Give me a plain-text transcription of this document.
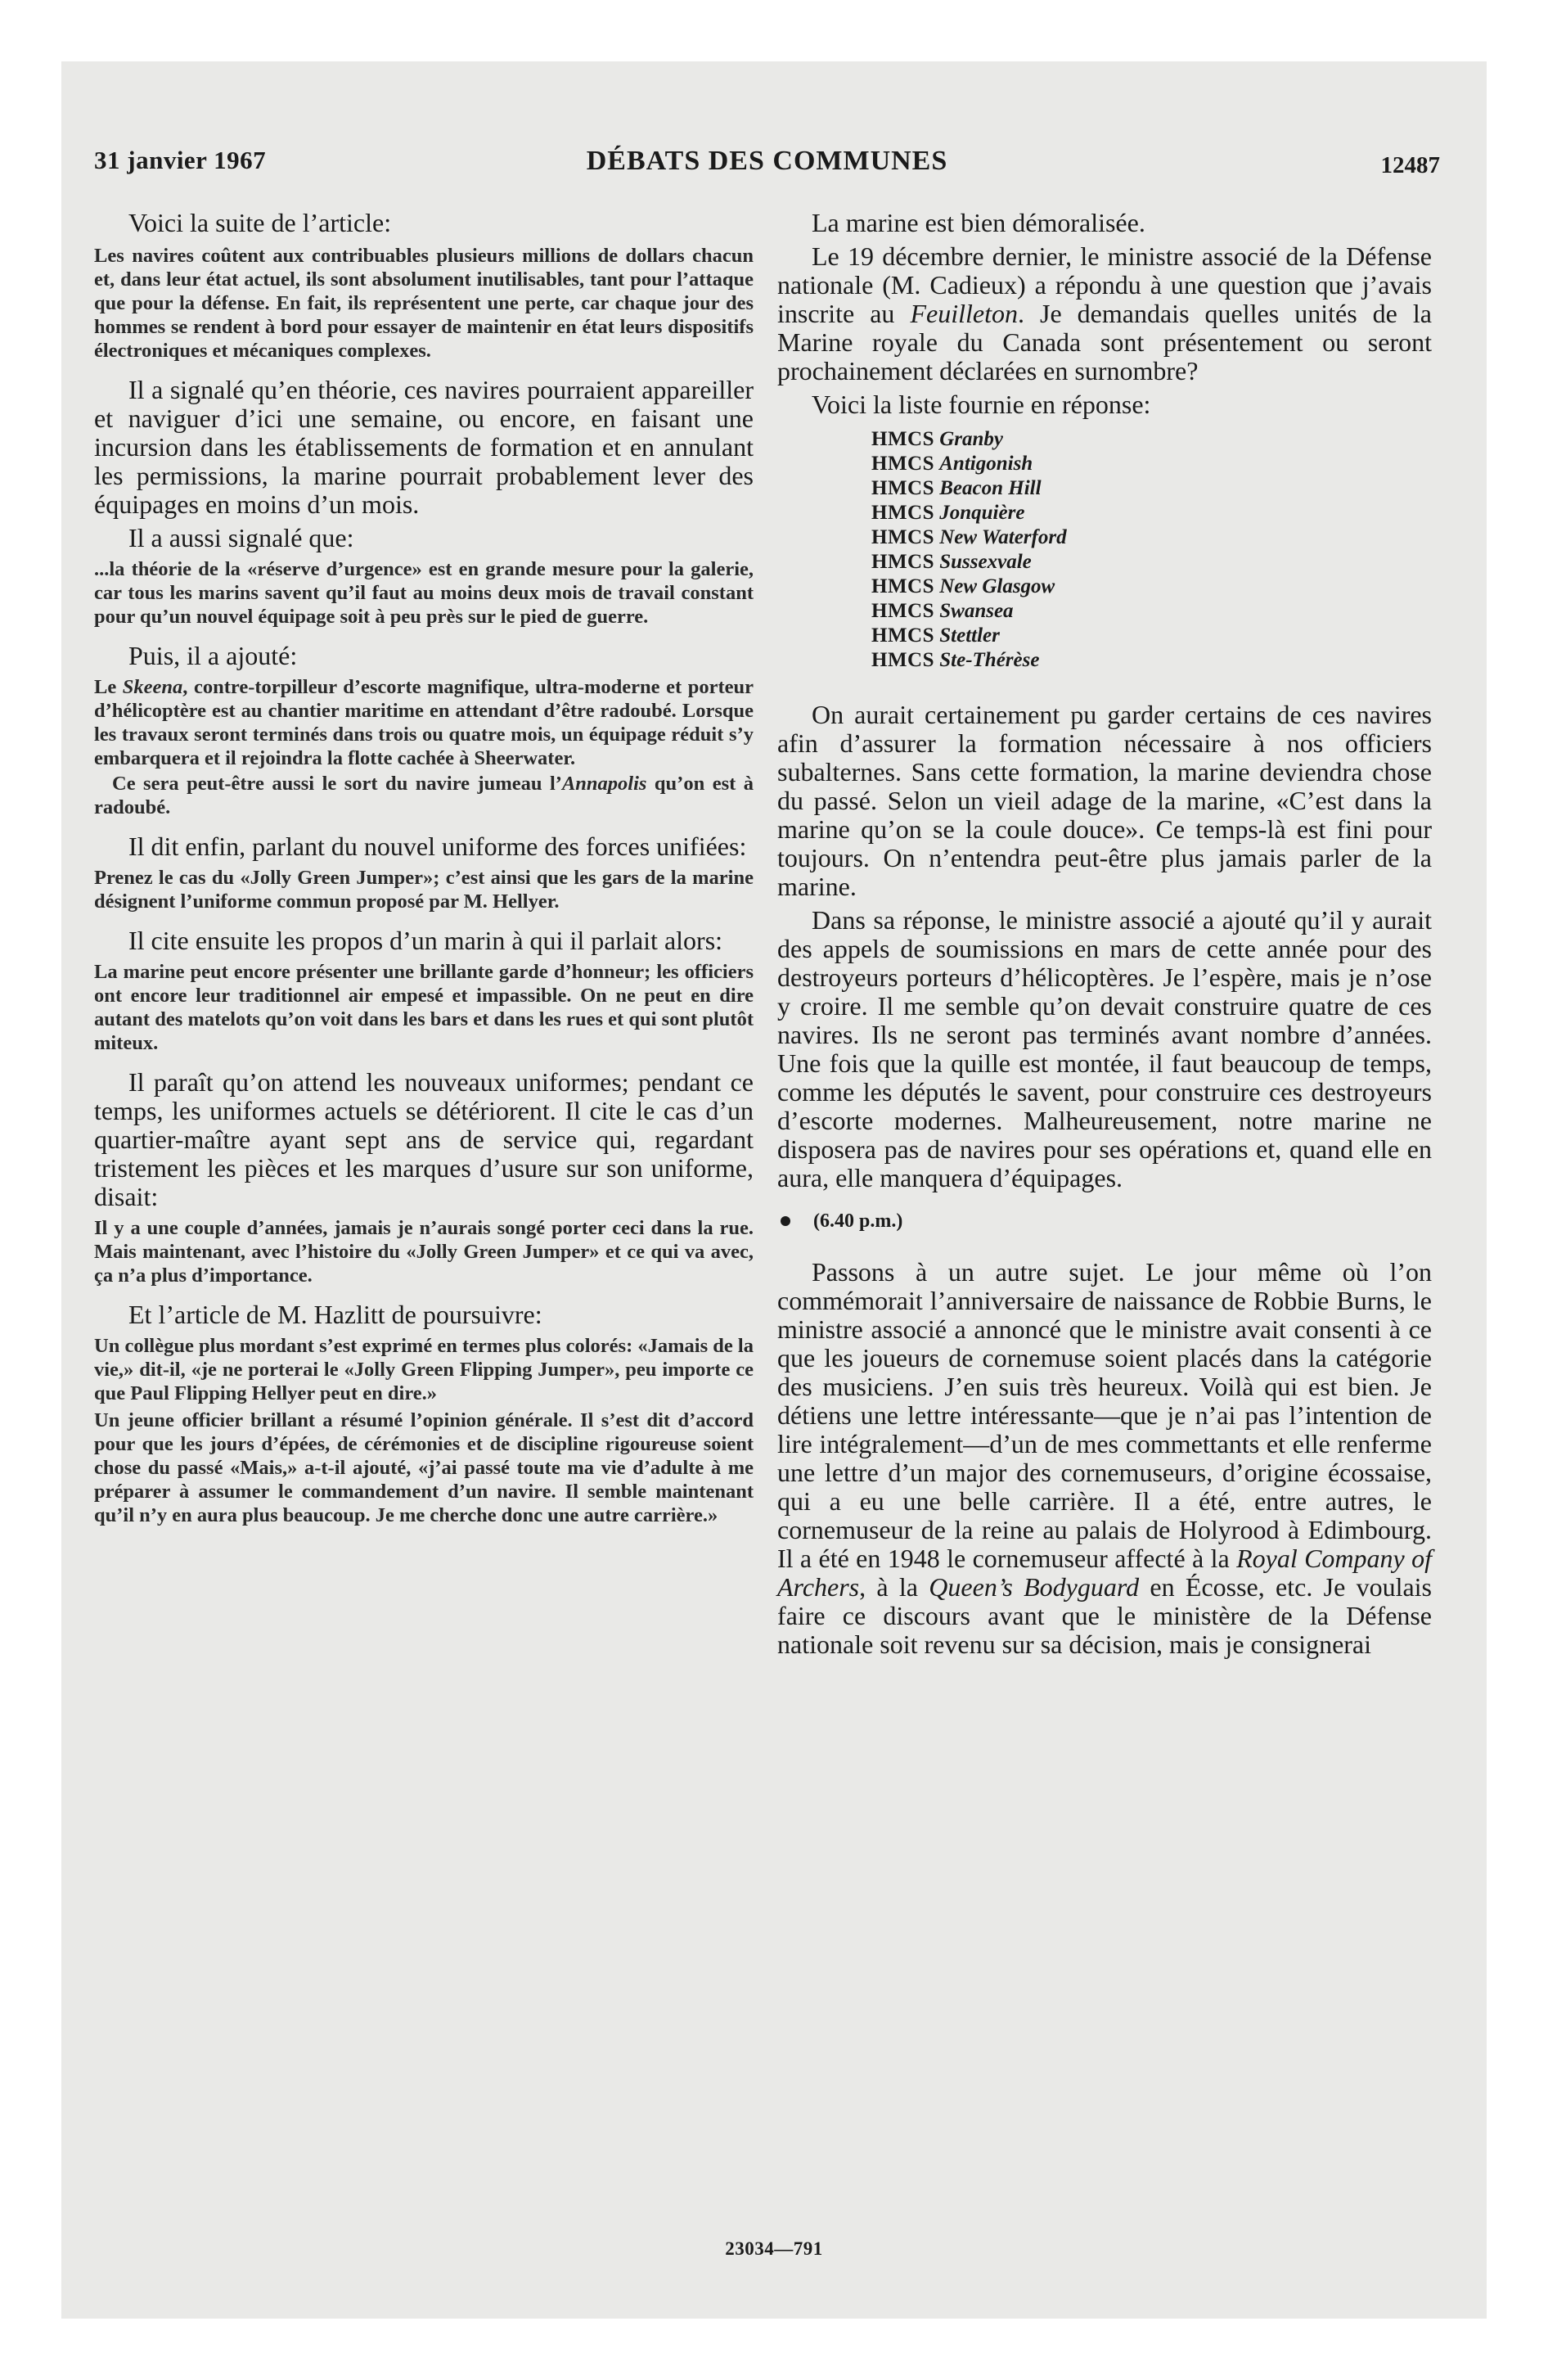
31 janvier 1967	DÉBATS DES COMMUNES	12487

Voici la suite de l’article:

Les navires coûtent aux contribuables plusieurs millions de dollars chacun et, dans leur état actuel, ils sont absolument inutilisables, tant pour l’attaque que pour la défense. En fait, ils représentent une perte, car chaque jour des hommes se rendent à bord pour essayer de maintenir en état leurs dispositifs électroniques et mécaniques complexes.

Il a signalé qu’en théorie, ces navires pourraient appareiller et naviguer d’ici une semaine, ou encore, en faisant une incursion dans les établissements de formation et en annulant les permissions, la marine pourrait probablement lever des équipages en moins d’un mois.

Il a aussi signalé que:

...la théorie de la «réserve d’urgence» est en grande mesure pour la galerie, car tous les marins savent qu’il faut au moins deux mois de travail constant pour qu’un nouvel équipage soit à peu près sur le pied de guerre.

Puis, il a ajouté:

Le Skeena, contre-torpilleur d’escorte magnifique, ultra-moderne et porteur d’hélicoptère est au chantier maritime en attendant d’être radoubé. Lorsque les travaux seront terminés dans trois ou quatre mois, un équipage réduit s’y embarquera et il rejoindra la flotte cachée à Sheerwater.

Ce sera peut-être aussi le sort du navire jumeau l’Annapolis qu’on est à radoubé.

Il dit enfin, parlant du nouvel uniforme des forces unifiées:

Prenez le cas du «Jolly Green Jumper»; c’est ainsi que les gars de la marine désignent l’uniforme commun proposé par M. Hellyer.

Il cite ensuite les propos d’un marin à qui il parlait alors:

La marine peut encore présenter une brillante garde d’honneur; les officiers ont encore leur traditionnel air empesé et impassible. On ne peut en dire autant des matelots qu’on voit dans les bars et dans les rues et qui sont plutôt miteux.

Il paraît qu’on attend les nouveaux uniformes; pendant ce temps, les uniformes actuels se détériorent. Il cite le cas d’un quartier-maître ayant sept ans de service qui, regardant tristement les pièces et les marques d’usure sur son uniforme, disait:

Il y a une couple d’années, jamais je n’aurais songé porter ceci dans la rue. Mais maintenant, avec l’histoire du «Jolly Green Jumper» et ce qui va avec, ça n’a plus d’importance.

Et l’article de M. Hazlitt de poursuivre:

Un collègue plus mordant s’est exprimé en termes plus colorés: «Jamais de la vie,» dit-il, «je ne porterai le «Jolly Green Flipping Jumper», peu importe ce que Paul Flipping Hellyer peut en dire.»

Un jeune officier brillant a résumé l’opinion générale. Il s’est dit d’accord pour que les jours d’épées, de cérémonies et de discipline rigoureuse soient chose du passé «Mais,» a-t-il ajouté, «j’ai passé toute ma vie d’adulte à me préparer à assumer le commandement d’un navire. Il semble maintenant qu’il n’y en aura plus beaucoup. Je me cherche donc une autre carrière.»

La marine est bien démoralisée.

Le 19 décembre dernier, le ministre associé de la Défense nationale (M. Cadieux) a répondu à une question que j’avais inscrite au Feuilleton. Je demandais quelles unités de la Marine royale du Canada sont présentement ou seront prochainement déclarées en surnombre?

Voici la liste fournie en réponse:

HMCS Granby
HMCS Antigonish
HMCS Beacon Hill
HMCS Jonquière
HMCS New Waterford
HMCS Sussexvale
HMCS New Glasgow
HMCS Swansea
HMCS Stettler
HMCS Ste-Thérèse

On aurait certainement pu garder certains de ces navires afin d’assurer la formation nécessaire à nos officiers subalternes. Sans cette formation, la marine deviendra chose du passé. Selon un vieil adage de la marine, «C’est dans la marine qu’on se la coule douce». Ce temps-là est fini pour toujours. On n’entendra peut-être plus jamais parler de la marine.

Dans sa réponse, le ministre associé a ajouté qu’il y aurait des appels de soumissions en mars de cette année pour des destroyeurs porteurs d’hélicoptères. Je l’espère, mais je n’ose y croire. Il me semble qu’on devait construire quatre de ces navires. Ils ne seront pas terminés avant nombre d’années. Une fois que la quille est montée, il faut beaucoup de temps, comme les députés le savent, pour construire ces destroyeurs d’escorte modernes. Malheureusement, notre marine ne disposera pas de navires pour ses opérations et, quand elle en aura, elle manquera d’équipages.

(6.40 p.m.)

Passons à un autre sujet. Le jour même où l’on commémorait l’anniversaire de naissance de Robbie Burns, le ministre associé a annoncé que le ministre avait consenti à ce que les joueurs de cornemuse soient placés dans la catégorie des musiciens. J’en suis très heureux. Voilà qui est bien. Je détiens une lettre intéressante—que je n’ai pas l’intention de lire intégralement—d’un de mes commettants et elle renferme une lettre d’un major des cornemuseurs, d’origine écossaise, qui a eu une belle carrière. Il a été, entre autres, le cornemuseur de la reine au palais de Holyrood à Edimbourg. Il a été en 1948 le cornemuseur affecté à la Royal Company of Archers, à la Queen’s Bodyguard en Écosse, etc. Je voulais faire ce discours avant que le ministère de la Défense nationale soit revenu sur sa décision, mais je consignerai

23034—791
